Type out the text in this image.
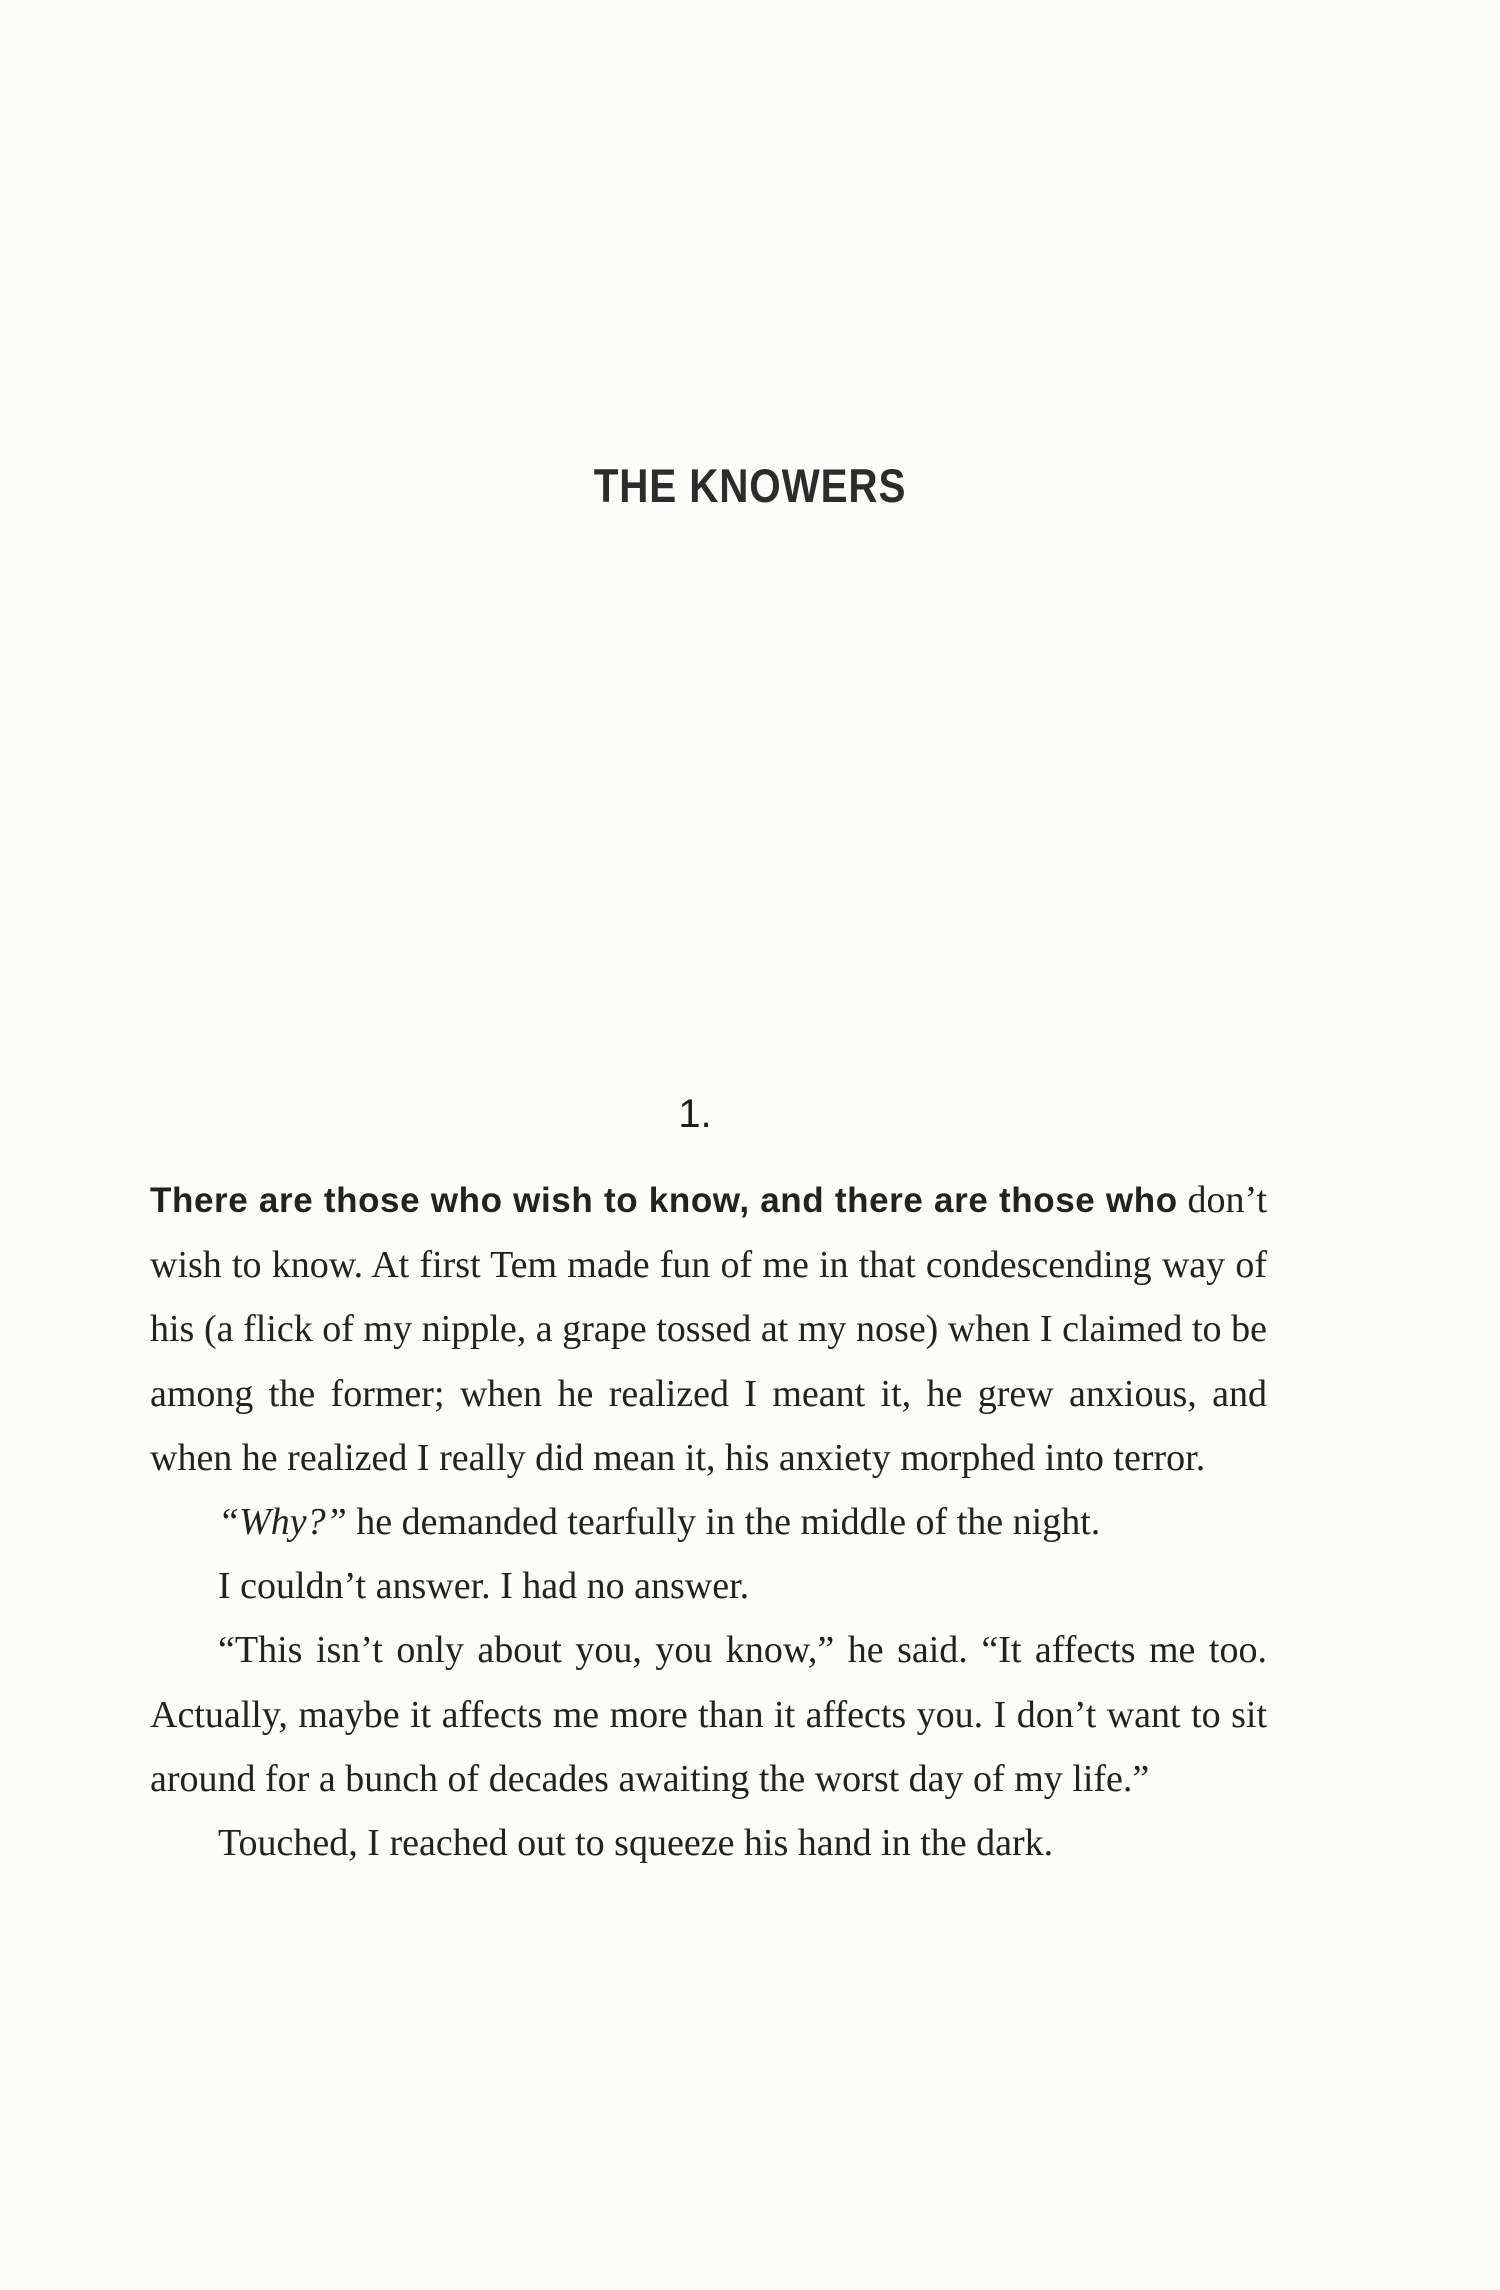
THE KNOWERS
1.

There are those who wish to know, and there are those who don’t wish to know. At first Tem made fun of me in that condescending way of his (a flick of my nipple, a grape tossed at my nose) when I claimed to be among the former; when he realized I meant it, he grew anxious, and when he realized I really did mean it, his anxiety morphed into terror.

“Why?” he demanded tearfully in the middle of the night.

I couldn’t answer. I had no answer.

“This isn’t only about you, you know,” he said. “It affects me too. Actually, maybe it affects me more than it affects you. I don’t want to sit around for a bunch of decades awaiting the worst day of my life.”

Touched, I reached out to squeeze his hand in the dark.
